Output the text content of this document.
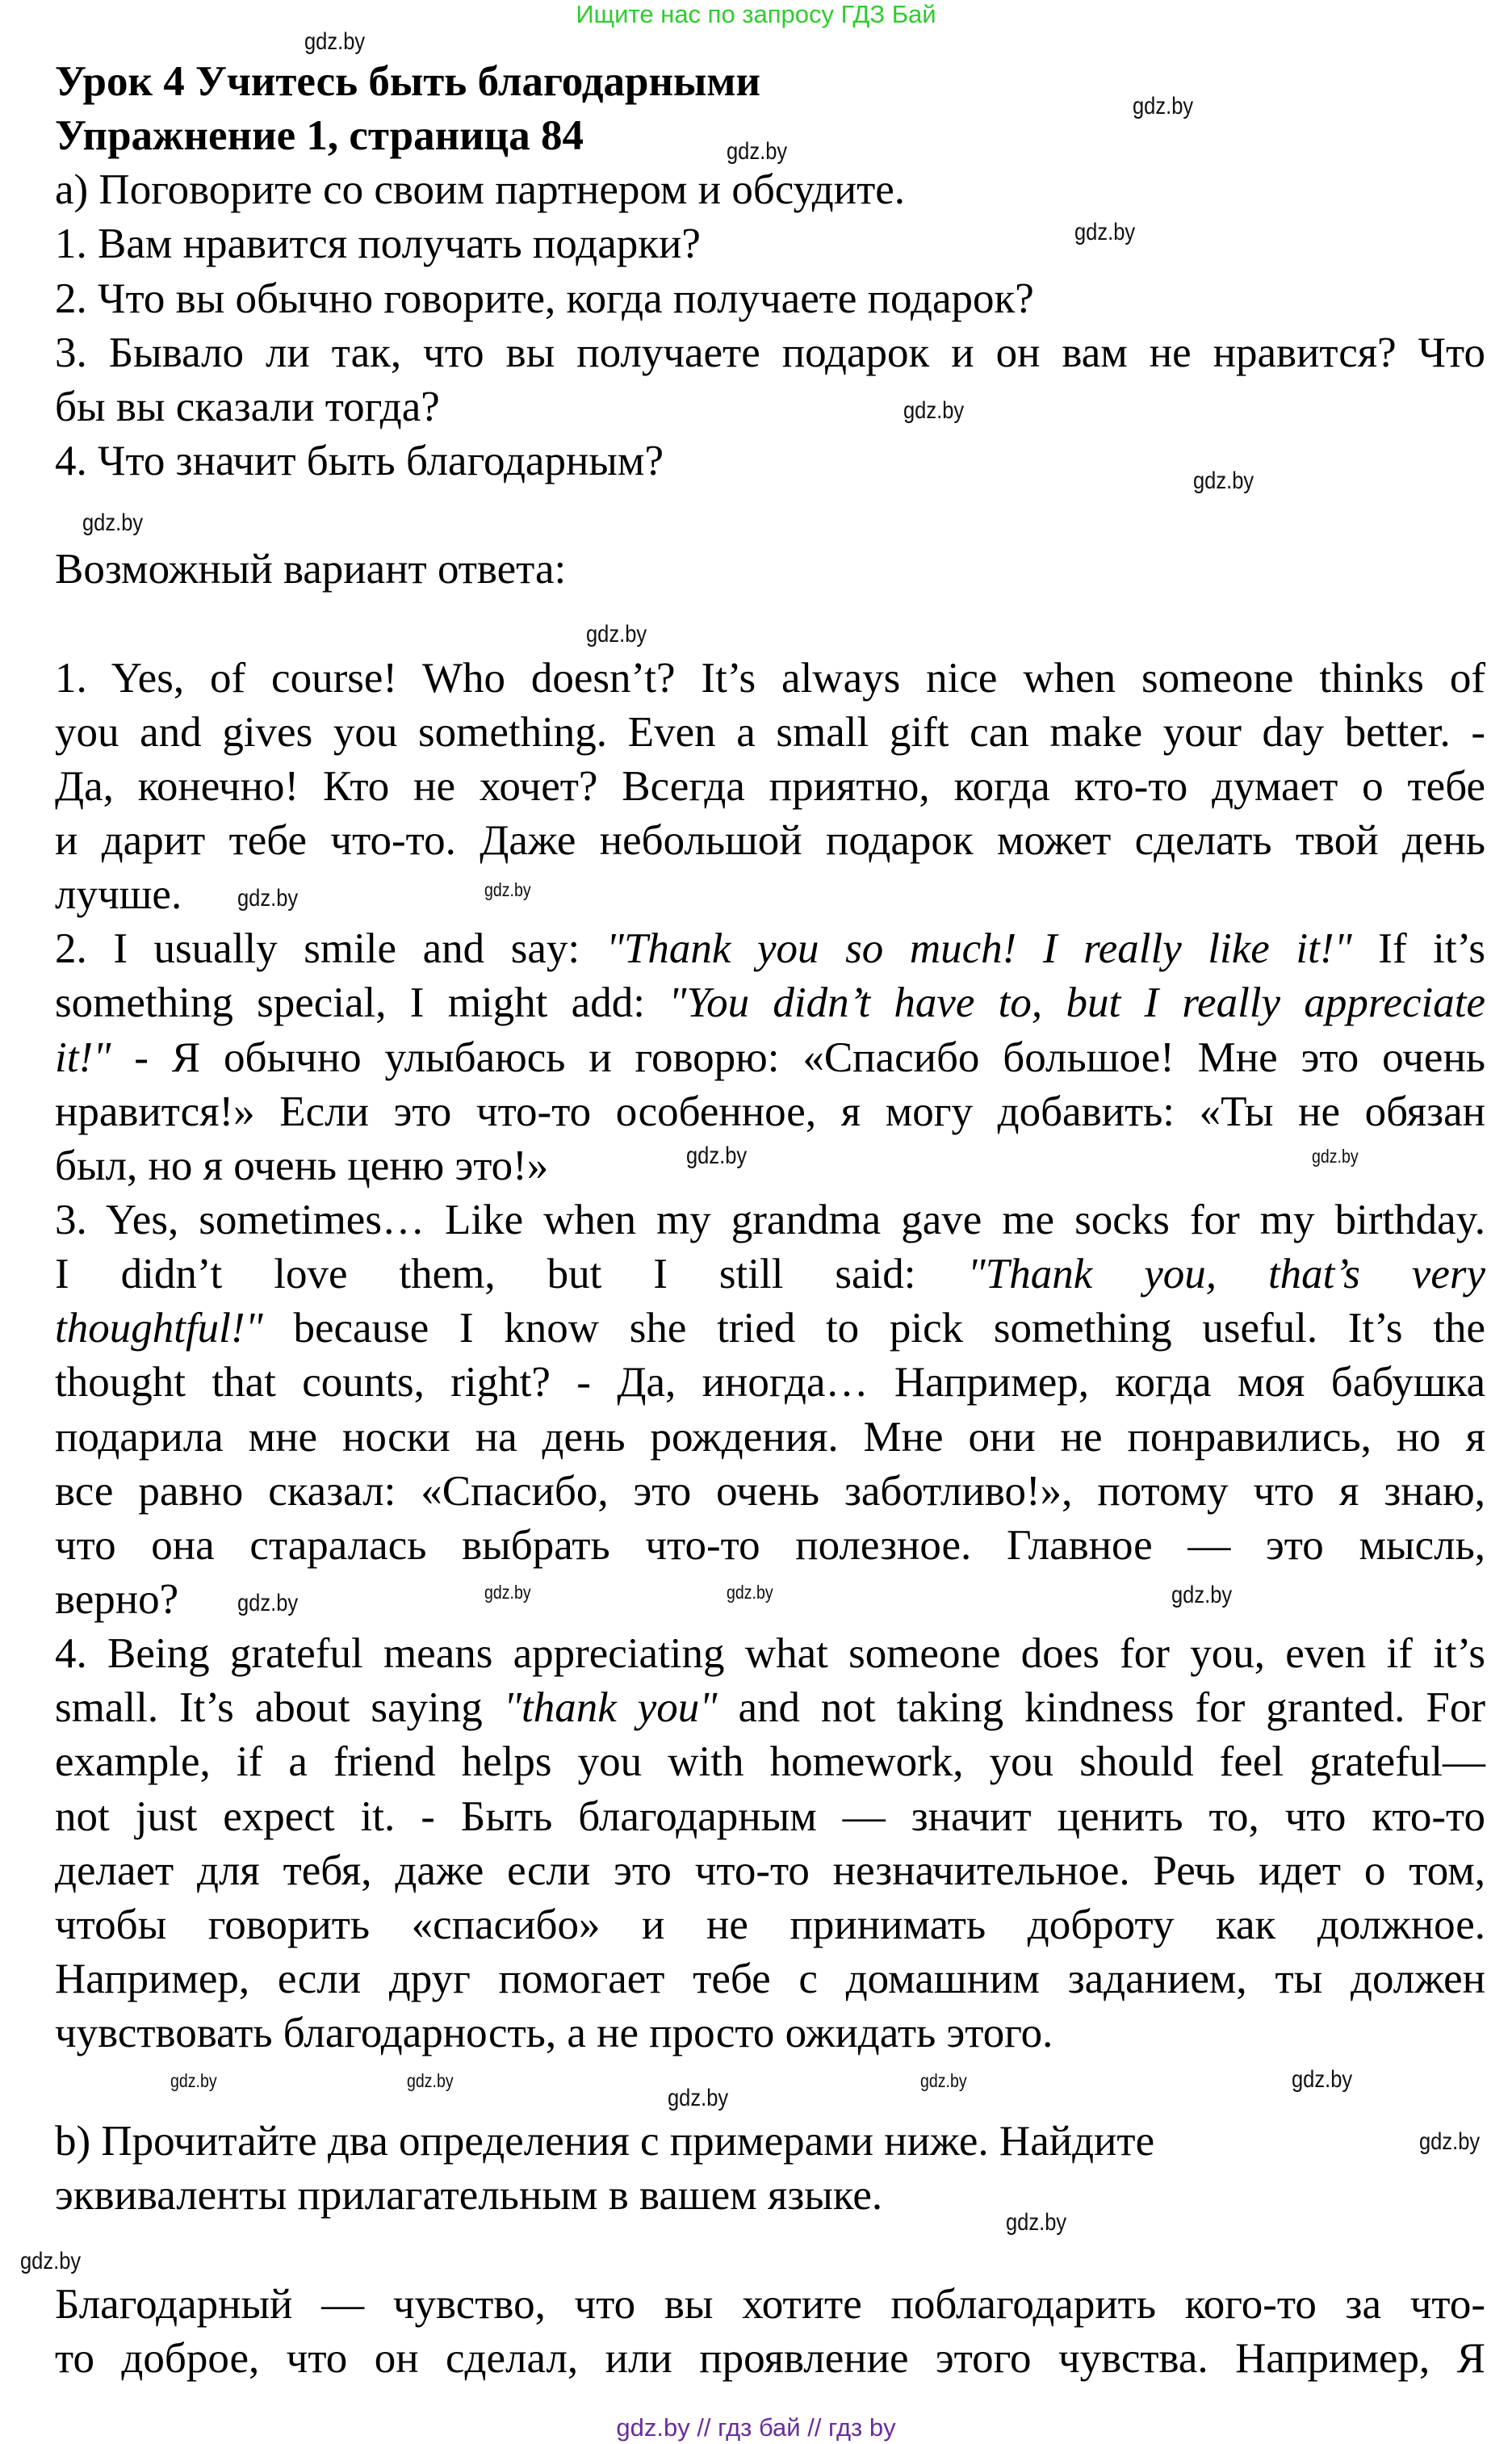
Ищите нас по запросу ГДЗ Бай
Урок 4 Учитесь быть благодарными
Упражнение 1, страница 84
а) Поговорите со своим партнером и обсудите.
1. Вам нравится получать подарки?
2. Что вы обычно говорите, когда получаете подарок?
3. Бывало ли так, что вы получаете подарок и он вам не нравится? Что
бы вы сказали тогда?
4. Что значит быть благодарным?

Возможный вариант ответа:

1. Yes, of course! Who doesn’t? It’s always nice when someone thinks of
you and gives you something. Even a small gift can make your day better. -
Да, конечно! Кто не хочет? Всегда приятно, когда кто-то думает о тебе
и дарит тебе что-то. Даже небольшой подарок может сделать твой день
лучше.
2. I usually smile and say: "Thank you so much! I really like it!" If it’s
something special, I might add: "You didn’t have to, but I really appreciate
it!" - Я обычно улыбаюсь и говорю: «Спасибо большое! Мне это очень
нравится!» Если это что-то особенное, я могу добавить: «Ты не обязан
был, но я очень ценю это!»
3. Yes, sometimes… Like when my grandma gave me socks for my birthday.
I didn’t love them, but I still said: "Thank you, that’s very
thoughtful!" because I know she tried to pick something useful. It’s the
thought that counts, right? - Да, иногда… Например, когда моя бабушка
подарила мне носки на день рождения. Мне они не понравились, но я
все равно сказал: «Спасибо, это очень заботливо!», потому что я знаю,
что она старалась выбрать что-то полезное. Главное — это мысль,
верно?
4. Being grateful means appreciating what someone does for you, even if it’s
small. It’s about saying "thank you" and not taking kindness for granted. For
example, if a friend helps you with homework, you should feel grateful—
not just expect it. - Быть благодарным — значит ценить то, что кто-то
делает для тебя, даже если это что-то незначительное. Речь идет о том,
чтобы говорить «спасибо» и не принимать доброту как должное.
Например, если друг помогает тебе с домашним заданием, ты должен
чувствовать благодарность, а не просто ожидать этого.

b) Прочитайте два определения с примерами ниже. Найдите
эквиваленты прилагательным в вашем языке.

Благодарный — чувство, что вы хотите поблагодарить кого-то за что-
то доброе, что он сделал, или проявление этого чувства. Например, Я
gdz.by
gdz.by
gdz.by
gdz.by
gdz.by
gdz.by
gdz.by
gdz.by
gdz.by
gdz.by
gdz.by
gdz.by
gdz.by	gdz.by	gdz.by
gdz.by
gdz.by	gdz.by
gdz.by	gdz.by
gdz.by
gdz.by
gdz.by
gdz.by
gdz.by // гдз бай // гдз by
